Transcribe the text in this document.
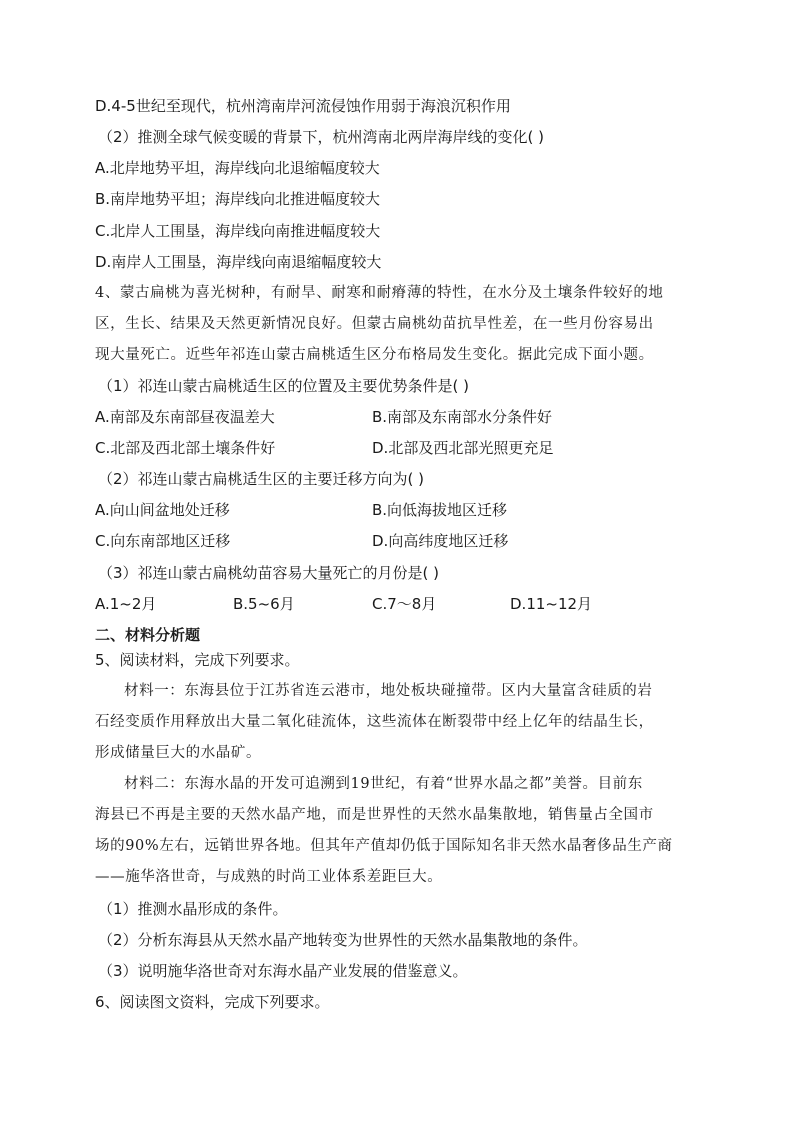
D.4-5世纪至现代，杭州湾南岸河流侵蚀作用弱于海浪沉积作用
（2）推测全球气候变暖的背景下，杭州湾南北两岸海岸线的变化( )
A.北岸地势平坦，海岸线向北退缩幅度较大
B.南岸地势平坦；海岸线向北推进幅度较大
C.北岸人工围垦，海岸线向南推进幅度较大
D.南岸人工围垦，海岸线向南退缩幅度较大
4、蒙古扁桃为喜光树种，有耐旱、耐寒和耐瘠薄的特性，在水分及土壤条件较好的地
区，生长、结果及天然更新情况良好。但蒙古扁桃幼苗抗旱性差，在一些月份容易出
现大量死亡。近些年祁连山蒙古扁桃适生区分布格局发生变化。据此完成下面小题。
（1）祁连山蒙古扁桃适生区的位置及主要优势条件是( )
A.南部及东南部昼夜温差大	B.南部及东南部水分条件好
C.北部及西北部土壤条件好	D.北部及西北部光照更充足
（2）祁连山蒙古扁桃适生区的主要迁移方向为( )
A.向山间盆地处迁移	B.向低海拔地区迁移
C.向东南部地区迁移	D.向高纬度地区迁移
（3）祁连山蒙古扁桃幼苗容易大量死亡的月份是( )
A.1~2月	B.5~6月	C.7～8月	D.11~12月
二、材料分析题
5、阅读材料，完成下列要求。
材料一：东海县位于江苏省连云港市，地处板块碰撞带。区内大量富含硅质的岩
石经变质作用释放出大量二氧化硅流体，这些流体在断裂带中经上亿年的结晶生长，
形成储量巨大的水晶矿。
材料二：东海水晶的开发可追溯到19世纪，有着“世界水晶之都”美誉。目前东
海县已不再是主要的天然水晶产地，而是世界性的天然水晶集散地，销售量占全国市
场的90%左右，远销世界各地。但其年产值却仍低于国际知名非天然水晶奢侈品生产商
——施华洛世奇，与成熟的时尚工业体系差距巨大。
（1）推测水晶形成的条件。
（2）分析东海县从天然水晶产地转变为世界性的天然水晶集散地的条件。
（3）说明施华洛世奇对东海水晶产业发展的借鉴意义。
6、阅读图文资料，完成下列要求。
